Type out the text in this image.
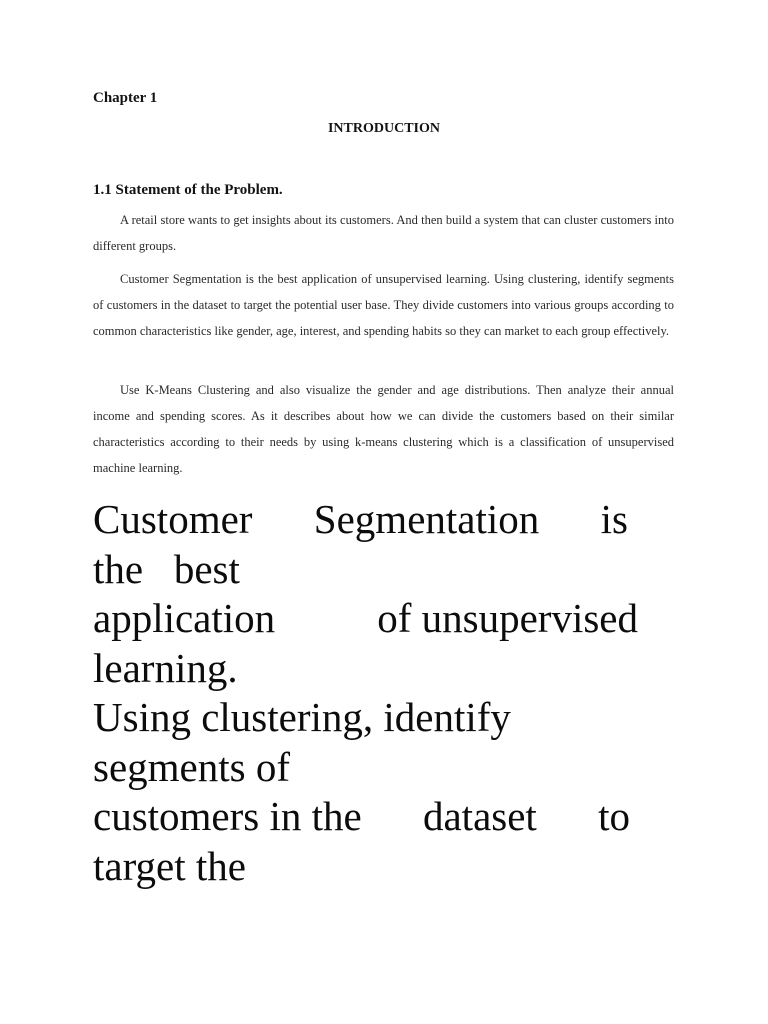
Chapter 1
INTRODUCTION
1.1 Statement of the Problem.

A retail store wants to get insights about its customers. And then build a system that can cluster customers into different groups.

Customer Segmentation is the best application of unsupervised learning. Using clustering, identify segments of customers in the dataset to target the potential user base. They divide customers into various groups according to common characteristics like gender, age, interest, and spending habits so they can market to each group effectively.

Use K-Means Clustering and also visualize the gender and age distributions. Then analyze their annual income and spending scores. As it describes about how we can divide the customers based on their similar characteristics according to their needs by using k-means clustering which is a classification of unsupervised machine learning.

Customer Segmentation is
the   best
application of unsupervised
learning.
Using clustering, identify
segments of
customers in the dataset to
target the
